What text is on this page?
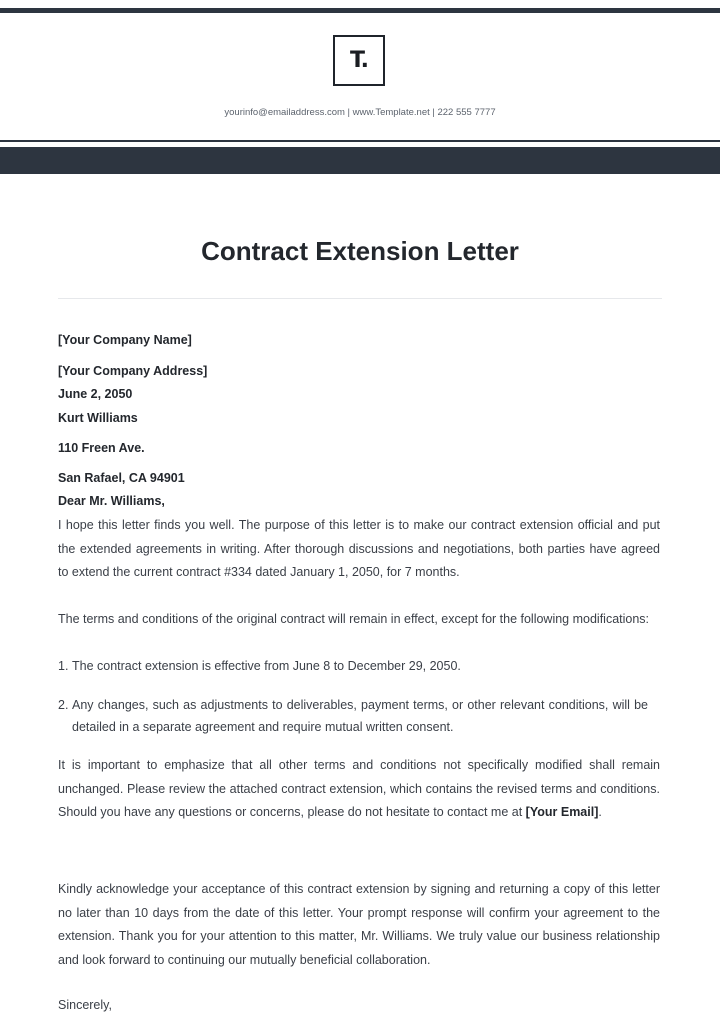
T.
yourinfo@emailaddress.com | www.Template.net | 222 555 7777
Contract Extension Letter
[Your Company Name]
[Your Company Address]
June 2, 2050
Kurt Williams
110 Freen Ave.
San Rafael, CA 94901
Dear Mr. Williams,

I hope this letter finds you well. The purpose of this letter is to make our contract extension official and put the extended agreements in writing. After thorough discussions and negotiations, both parties have agreed to extend the current contract #334 dated January 1, 2050, for 7 months.

The terms and conditions of the original contract will remain in effect, except for the following modifications:

1. The contract extension is effective from June 8 to December 29, 2050.
2. Any changes, such as adjustments to deliverables, payment terms, or other relevant conditions, will be detailed in a separate agreement and require mutual written consent.

It is important to emphasize that all other terms and conditions not specifically modified shall remain unchanged. Please review the attached contract extension, which contains the revised terms and conditions. Should you have any questions or concerns, please do not hesitate to contact me at [Your Email].

Kindly acknowledge your acceptance of this contract extension by signing and returning a copy of this letter no later than 10 days from the date of this letter. Your prompt response will confirm your agreement to the extension. Thank you for your attention to this matter, Mr. Williams. We truly value our business relationship and look forward to continuing our mutually beneficial collaboration.

Sincerely,
